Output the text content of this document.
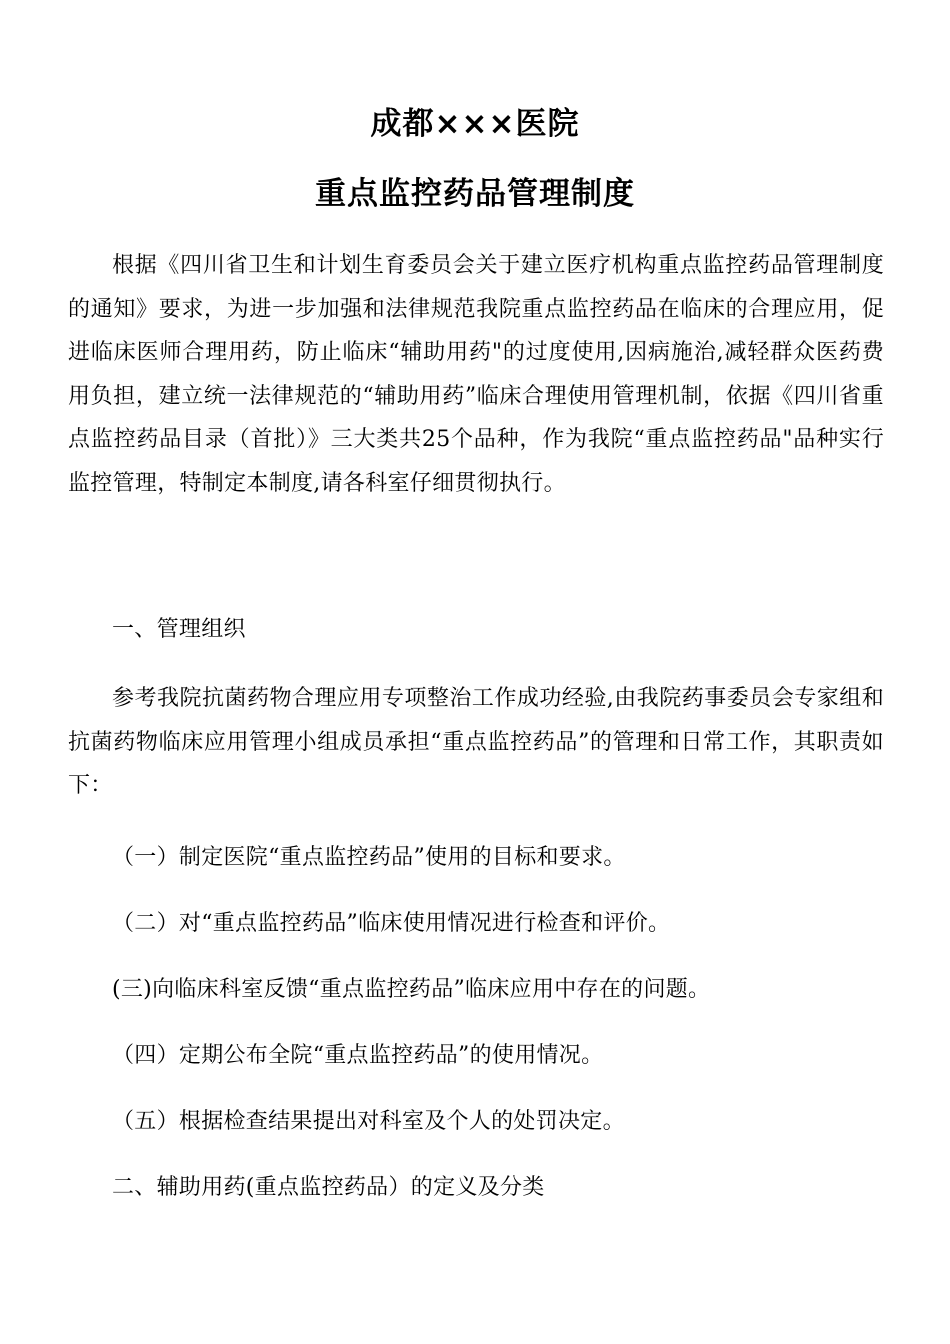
成都×××医院
重点监控药品管理制度

根据《四川省卫生和计划生育委员会关于建立医疗机构重点监控药品管理制度的通知》要求，为进一步加强和法律规范我院重点监控药品在临床的合理应用，促进临床医师合理用药，防止临床“辅助用药"的过度使用,因病施治,减轻群众医药费用负担，建立统一法律规范的“辅助用药”临床合理使用管理机制，依据《四川省重点监控药品目录（首批）》三大类共25个品种，作为我院“重点监控药品"品种实行监控管理，特制定本制度,请各科室仔细贯彻执行。

一、管理组织

参考我院抗菌药物合理应用专项整治工作成功经验,由我院药事委员会专家组和抗菌药物临床应用管理小组成员承担“重点监控药品”的管理和日常工作，其职责如下：

（一）制定医院“重点监控药品”使用的目标和要求。

（二）对“重点监控药品”临床使用情况进行检查和评价。

(三)向临床科室反馈“重点监控药品”临床应用中存在的问题。

（四）定期公布全院“重点监控药品”的使用情况。

（五）根据检查结果提出对科室及个人的处罚决定。

二、辅助用药(重点监控药品）的定义及分类
